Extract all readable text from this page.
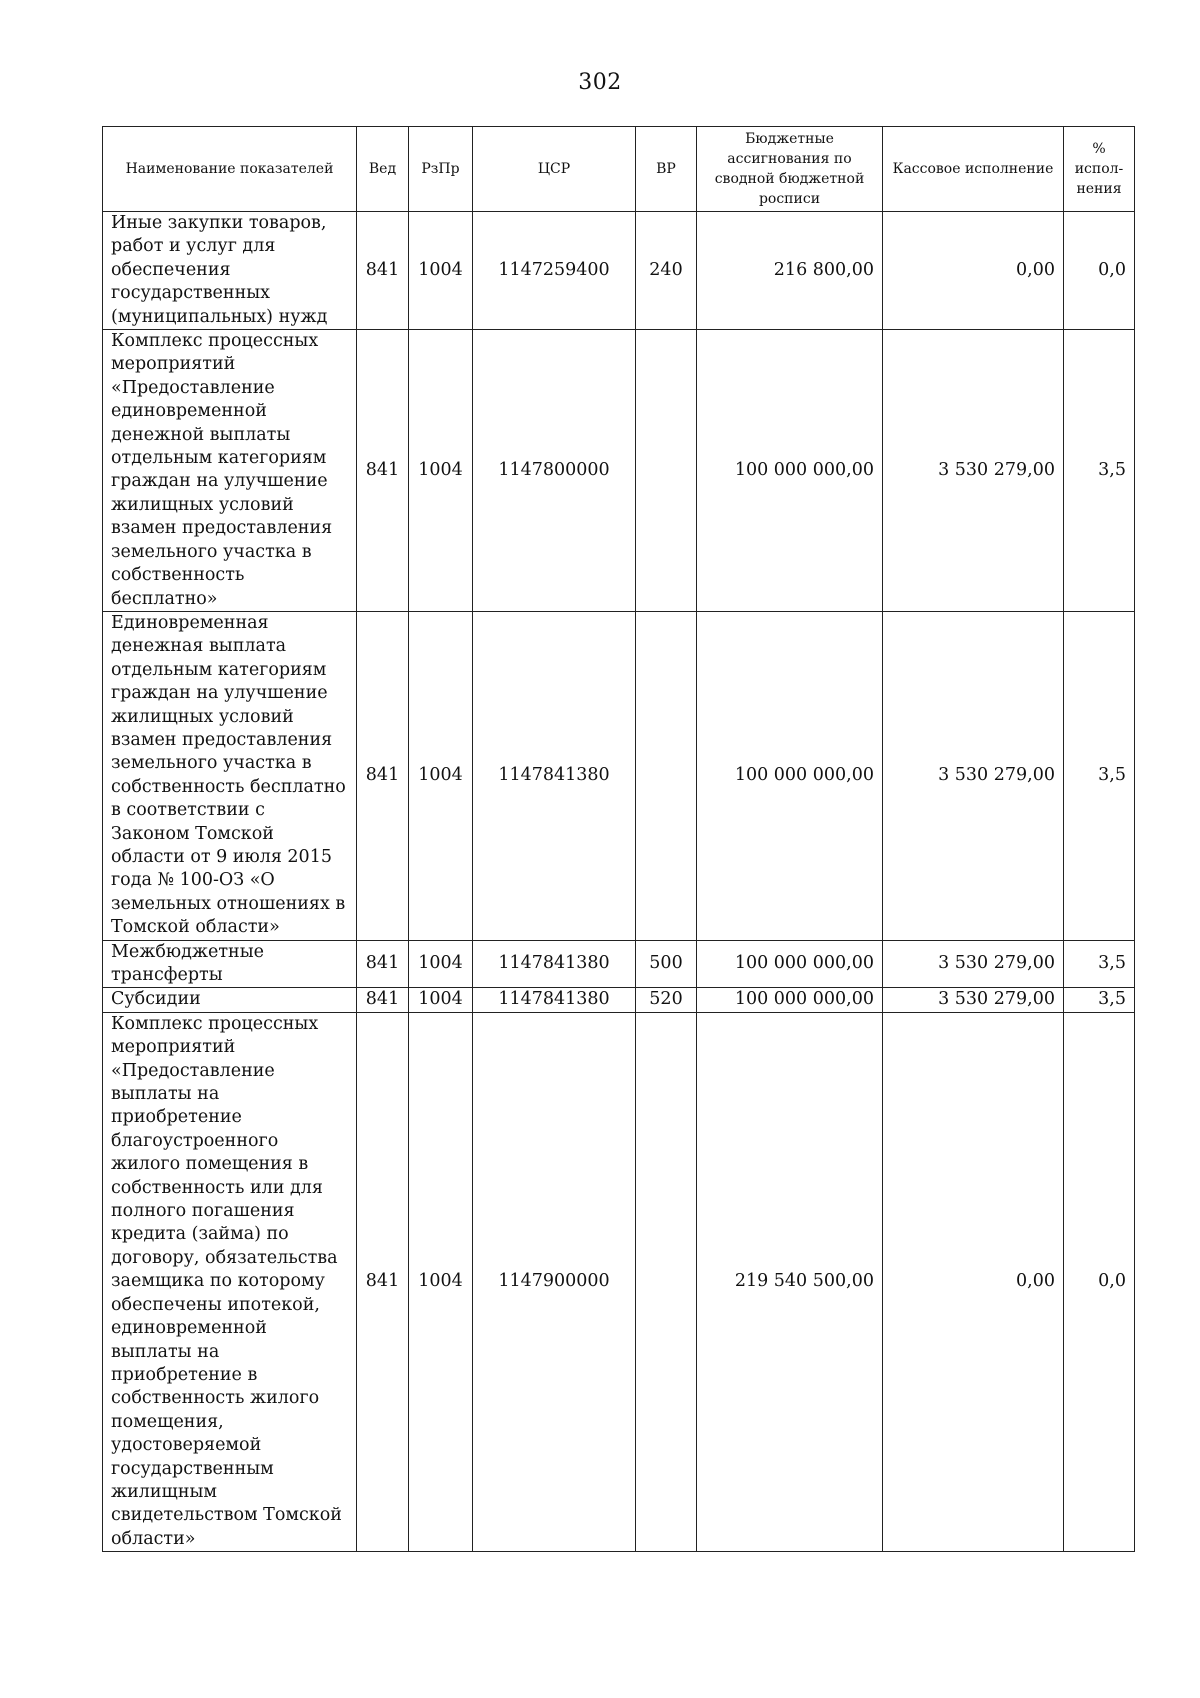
302
Наименование показателей	Вед	РзПр	ЦСР	ВР	Бюджетные ассигнования по сводной бюджетной росписи	Кассовое исполнение	% испол-нения
Иные закупки товаров, работ и услуг для обеспечения государственных (муниципальных) нужд	841	1004	1147259400	240	216 800,00	0,00	0,0
Комплекс процессных мероприятий «Предоставление единовременной денежной выплаты отдельным категориям граждан на улучшение жилищных условий взамен предоставления земельного участка в собственность бесплатно»	841	1004	1147800000		100 000 000,00	3 530 279,00	3,5
Единовременная денежная выплата отдельным категориям граждан на улучшение жилищных условий взамен предоставления земельного участка в собственность бесплатно в соответствии с Законом Томской области от 9 июля 2015 года № 100-ОЗ «О земельных отношениях в Томской области»	841	1004	1147841380		100 000 000,00	3 530 279,00	3,5
Межбюджетные трансферты	841	1004	1147841380	500	100 000 000,00	3 530 279,00	3,5
Субсидии	841	1004	1147841380	520	100 000 000,00	3 530 279,00	3,5
Комплекс процессных мероприятий «Предоставление выплаты на приобретение благоустроенного жилого помещения в собственность или для полного погашения кредита (займа) по договору, обязательства заемщика по которому обеспечены ипотекой, единовременной выплаты на приобретение в собственность жилого помещения, удостоверяемой государственным жилищным свидетельством Томской области»	841	1004	1147900000		219 540 500,00	0,00	0,0
